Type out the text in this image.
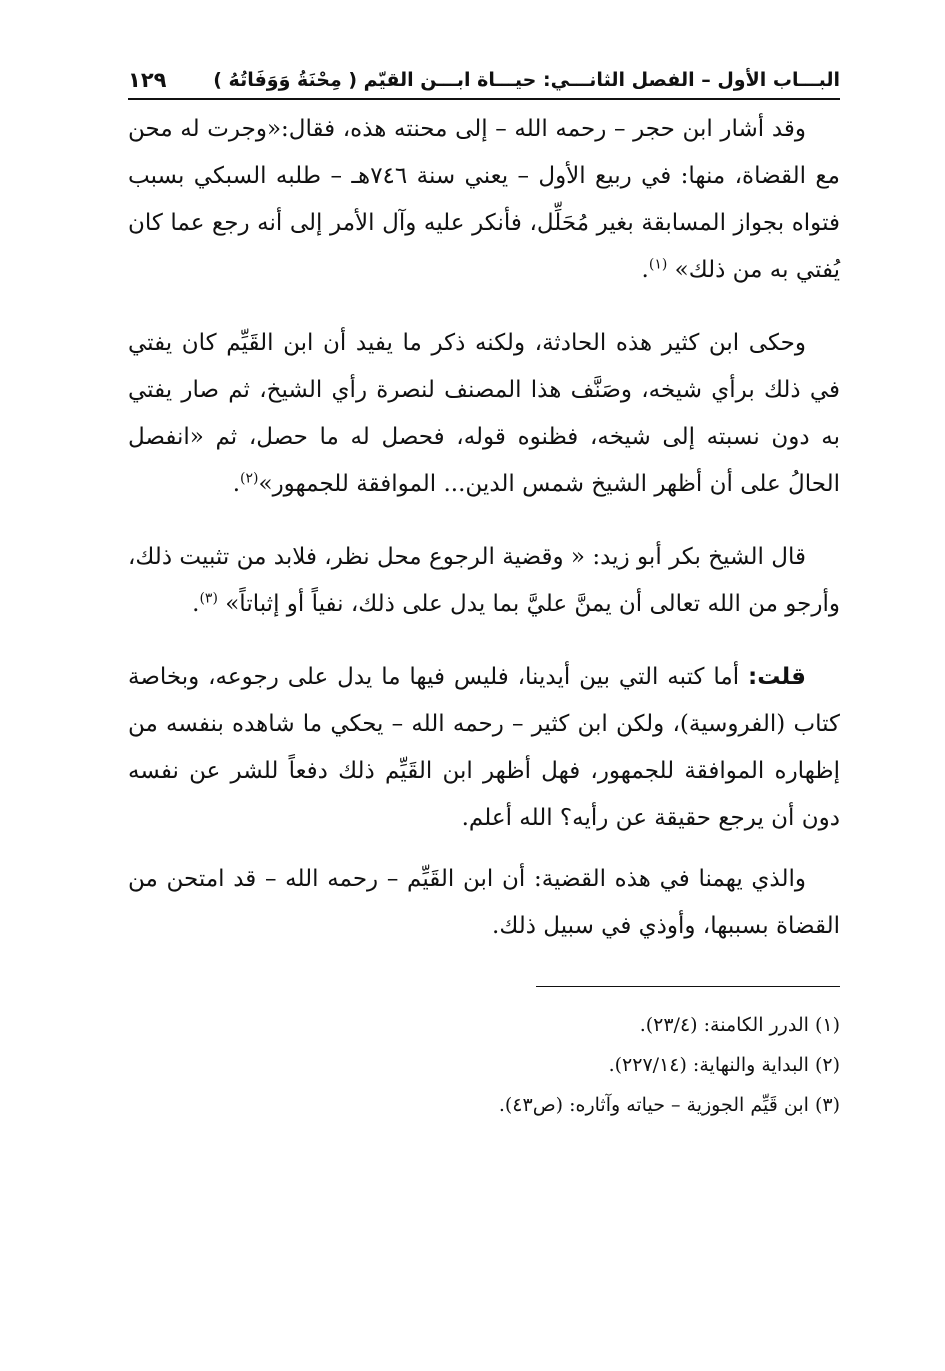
البـــاب الأول – الفصل الثانـــي: حيـــاة ابـــن القيّم ( مِحْنَةُ وَوَفَاتُهُ )
١٢٩

وقد أشار ابن حجر – رحمه الله – إلى محنته هذه، فقال:«وجرت له محن مع القضاة، منها: في ربيع الأول – يعني سنة ٧٤٦هـ – طلبه السبكي بسبب فتواه بجواز المسابقة بغير مُحَلِّل، فأنكر عليه وآل الأمر إلى أنه رجع عما كان يُفتي به من ذلك» $^{(١)}$.

وحكى ابن كثير هذه الحادثة، ولكنه ذكر ما يفيد أن ابن القَيِّم كان يفتي في ذلك برأي شيخه، وصَنَّف هذا المصنف لنصرة رأي الشيخ، ثم صار يفتي به دون نسبته إلى شيخه، فظنوه قوله، فحصل له ما حصل، ثم «انفصل الحالُ على أن أظهر الشيخ شمس الدين... الموافقة للجمهور»$^{(٢)}$.

قال الشيخ بكر أبو زيد: « وقضية الرجوع محل نظر، فلابد من تثبيت ذلك، وأرجو من الله تعالى أن يمنَّ عليَّ بما يدل على ذلك، نفياً أو إثباتاً» $^{(٣)}$.

قلت: أما كتبه التي بين أيدينا، فليس فيها ما يدل على رجوعه، وبخاصة كتاب (الفروسية)، ولكن ابن كثير – رحمه الله – يحكي ما شاهده بنفسه من إظهاره الموافقة للجمهور، فهل أظهر ابن القَيِّم ذلك دفعاً للشر عن نفسه دون أن يرجع حقيقة عن رأيه؟ الله أعلم.

والذي يهمنا في هذه القضية: أن ابن القَيِّم – رحمه الله – قد امتحن من القضاة بسببها، وأوذي في سبيل ذلك.

(١) الدرر الكامنة: (٢٣/٤).
(٢) البداية والنهاية: (٢٢٧/١٤).
(٣) ابن قَيِّم الجوزية – حياته وآثاره: (ص٤٣).
